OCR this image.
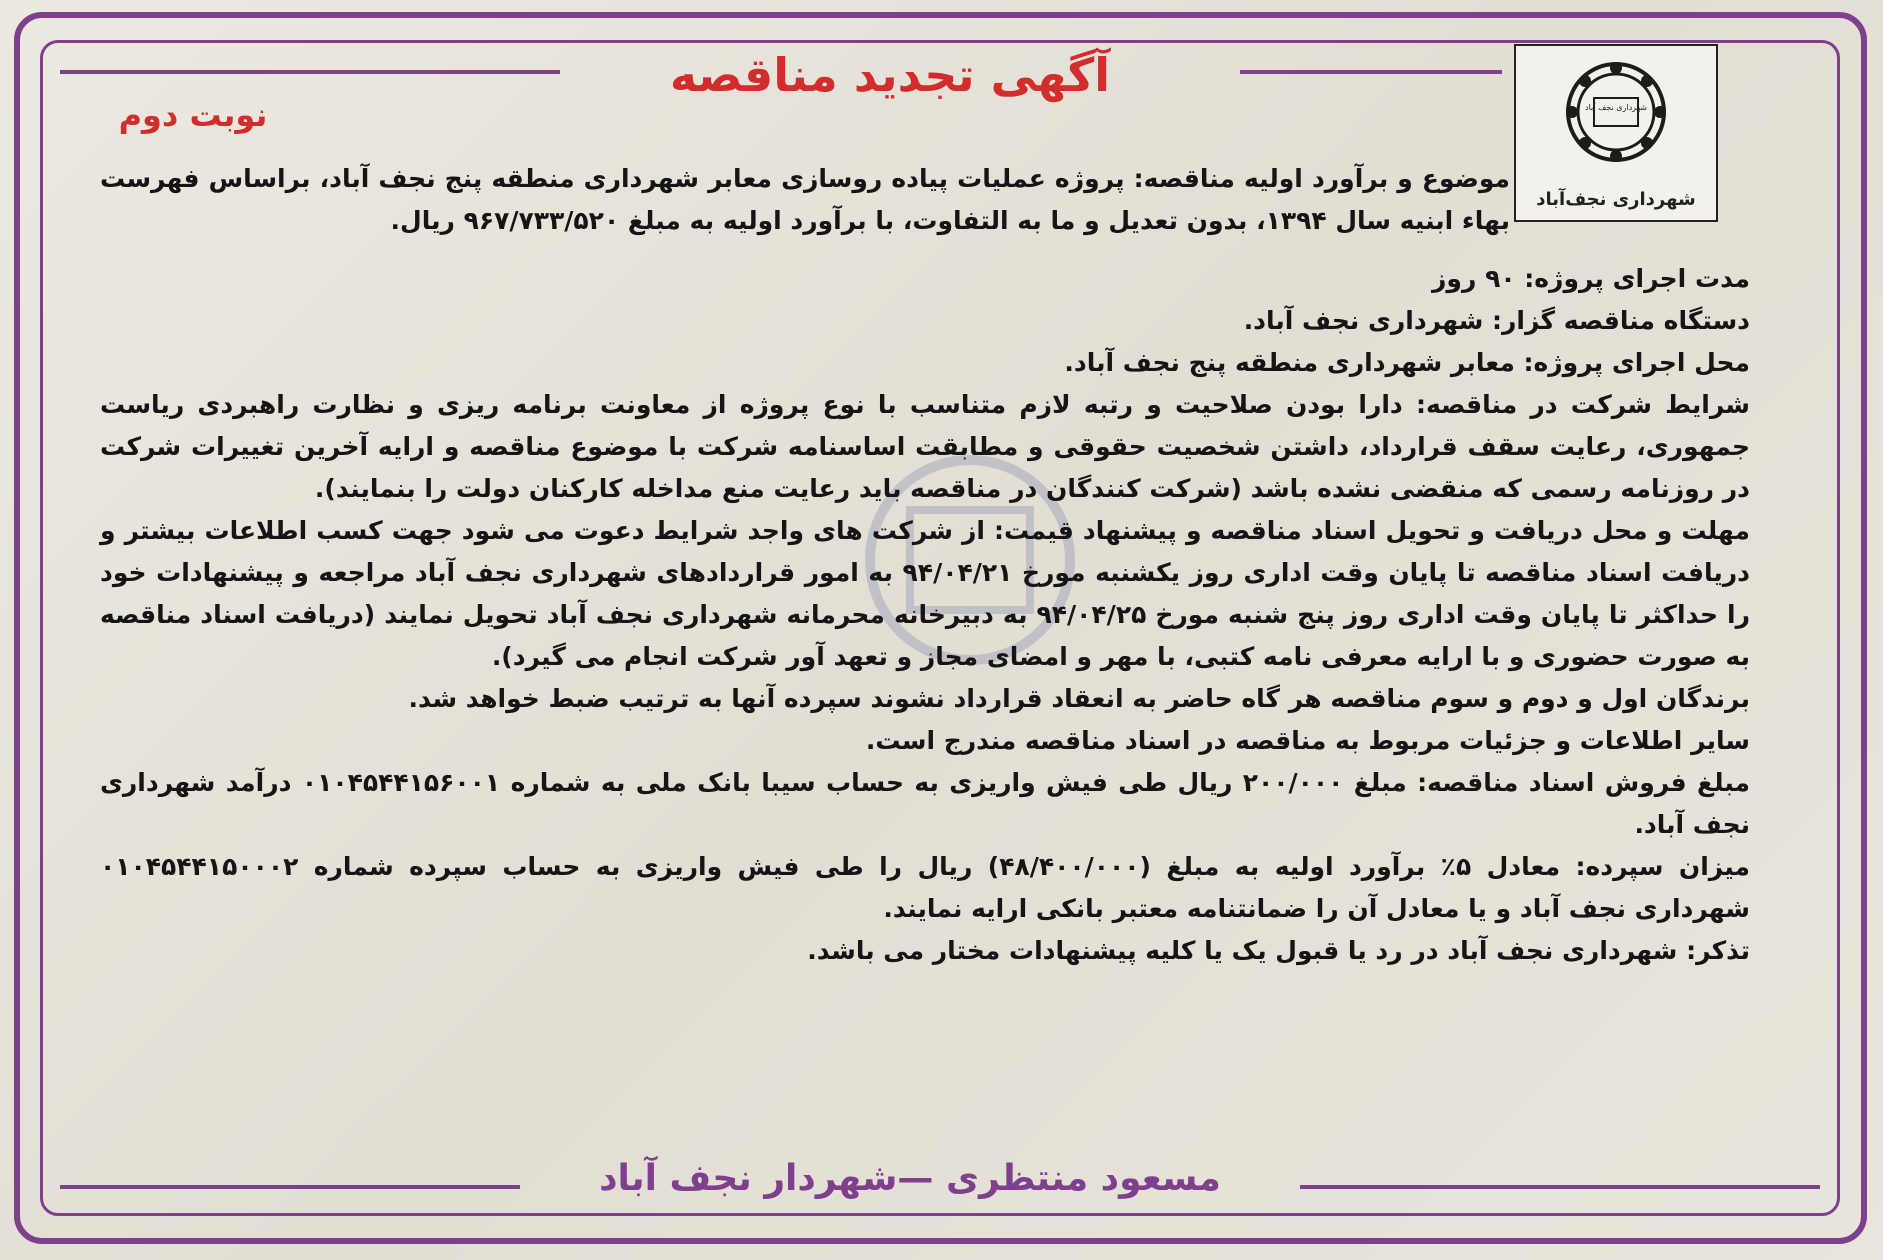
آگهی تجدید مناقصه
نوبت دوم	شهرداری نجف آباد
شهرداری نجف‌آباد
موضوع و برآورد اولیه مناقصه: پروژه عملیات پیاده روسازی معابر شهرداری منطقه پنج نجف آباد، براساس فهرست بهاء ابنیه سال ۱۳۹۴، بدون تعدیل و ما به التفاوت، با برآورد اولیه به مبلغ ۹۶۷/۷۳۳/۵۲۰ ریال.
مدت اجرای پروژه: ۹۰ روز
دستگاه مناقصه گزار: شهرداری نجف آباد.
محل اجرای پروژه: معابر شهرداری منطقه پنج نجف آباد.
شرایط شرکت در مناقصه: دارا بودن صلاحیت و رتبه لازم متناسب با نوع پروژه از معاونت برنامه ریزی و نظارت راهبردی ریاست جمهوری، رعایت سقف قرارداد، داشتن شخصیت حقوقی و مطابقت اساسنامه شرکت با موضوع مناقصه و ارایه آخرین تغییرات شرکت در روزنامه رسمی که منقضی نشده باشد (شرکت کنندگان در مناقصه باید رعایت منع مداخله کارکنان دولت را بنمایند).
مهلت و محل دریافت و تحویل اسناد مناقصه و پیشنهاد قیمت: از شرکت های واجد شرایط دعوت می شود جهت کسب اطلاعات بیشتر و دریافت اسناد مناقصه تا پایان وقت اداری روز یکشنبه مورخ ۹۴/۰۴/۲۱ به امور قراردادهای شهرداری نجف آباد مراجعه و پیشنهادات خود را حداکثر تا پایان وقت اداری روز پنج شنبه مورخ ۹۴/۰۴/۲۵ به دبیرخانه محرمانه شهرداری نجف آباد تحویل نمایند (دریافت اسناد مناقصه به صورت حضوری و با ارایه معرفی نامه کتبی، با مهر و امضای مجاز و تعهد آور شرکت انجام می گیرد).
برندگان اول و دوم و سوم مناقصه هر گاه حاضر به انعقاد قرارداد نشوند سپرده آنها به ترتیب ضبط خواهد شد.
سایر اطلاعات و جزئیات مربوط به مناقصه در اسناد مناقصه مندرج است.
مبلغ فروش اسناد مناقصه: مبلغ ۲۰۰/۰۰۰ ریال طی فیش واریزی به حساب سیبا بانک ملی به شماره ۰۱۰۴۵۴۴۱۵۶۰۰۱ درآمد شهرداری نجف آباد.
میزان سپرده: معادل ۵٪ برآورد اولیه به مبلغ (۴۸/۴۰۰/۰۰۰) ریال را طی فیش واریزی به حساب سپرده شماره ۰۱۰۴۵۴۴۱۵۰۰۰۲ شهرداری نجف آباد و یا معادل آن را ضمانتنامه معتبر بانکی ارایه نمایند.
تذکر: شهرداری نجف آباد در رد یا قبول یک یا کلیه پیشنهادات مختار می باشد.
مسعود منتظری —شهردار نجف آباد
